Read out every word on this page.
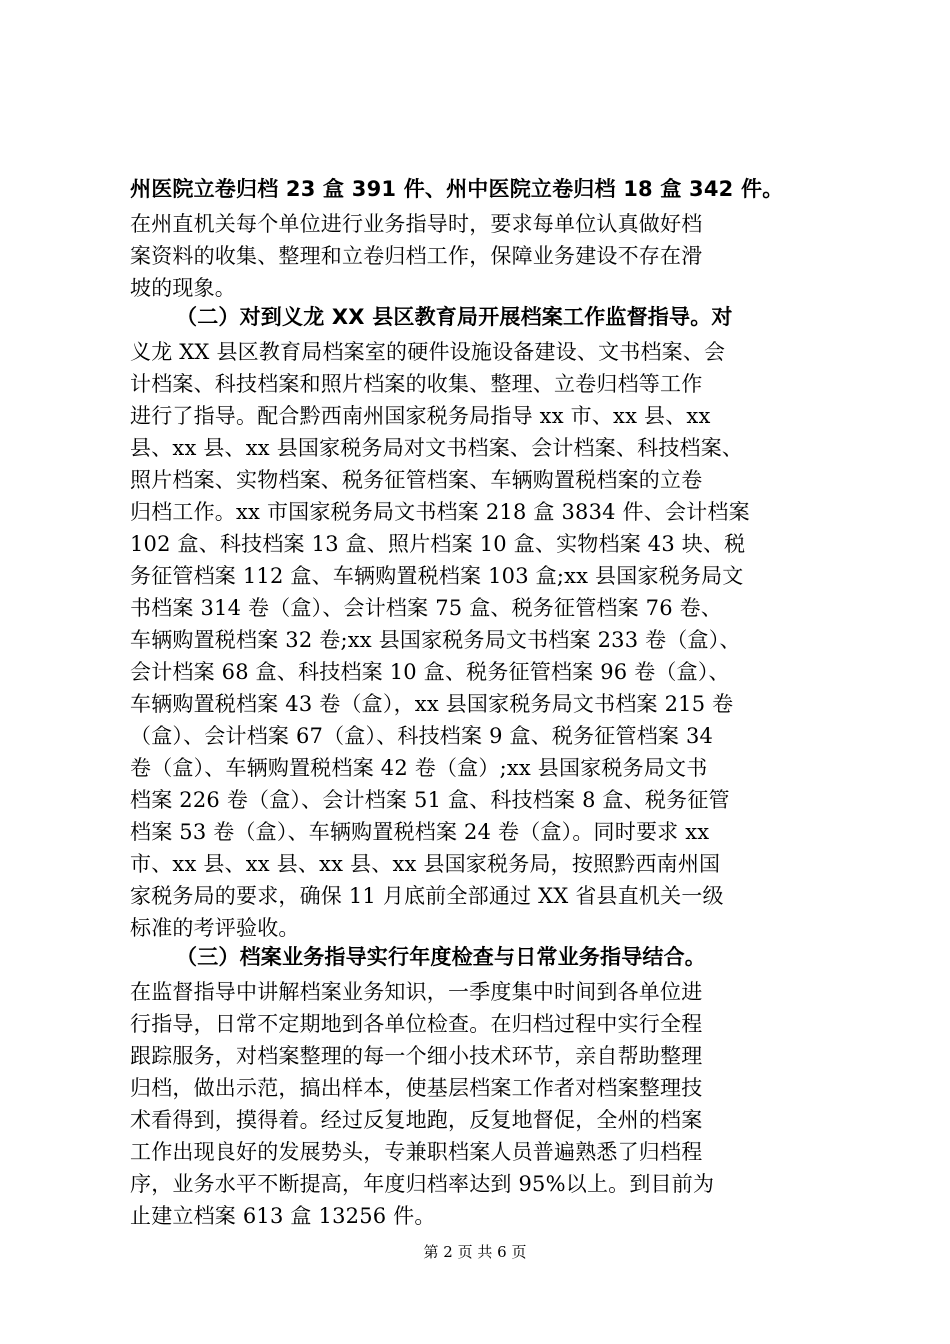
州医院立卷归档 23 盒 391 件、州中医院立卷归档 18 盒 342 件。
在州直机关每个单位进行业务指导时，要求每单位认真做好档
案资料的收集、整理和立卷归档工作，保障业务建设不存在滑
坡的现象。
（二）对到义龙 XX 县区教育局开展档案工作监督指导。对
义龙 XX 县区教育局档案室的硬件设施设备建设、文书档案、会
计档案、科技档案和照片档案的收集、整理、立卷归档等工作
进行了指导。配合黔西南州国家税务局指导 xx 市、xx 县、xx
县、xx 县、xx 县国家税务局对文书档案、会计档案、科技档案、
照片档案、实物档案、税务征管档案、车辆购置税档案的立卷
归档工作。xx 市国家税务局文书档案 218 盒 3834 件、会计档案
102 盒、科技档案 13 盒、照片档案 10 盒、实物档案 43 块、税
务征管档案 112 盒、车辆购置税档案 103 盒;xx 县国家税务局文
书档案 314 卷（盒）、会计档案 75 盒、税务征管档案 76 卷、
车辆购置税档案 32 卷;xx 县国家税务局文书档案 233 卷（盒）、
会计档案 68 盒、科技档案 10 盒、税务征管档案 96 卷（盒）、
车辆购置税档案 43 卷（盒），xx 县国家税务局文书档案 215 卷
（盒）、会计档案 67（盒）、科技档案 9 盒、税务征管档案 34
卷（盒）、车辆购置税档案 42 卷（盒）;xx 县国家税务局文书
档案 226 卷（盒）、会计档案 51 盒、科技档案 8 盒、税务征管
档案 53 卷（盒）、车辆购置税档案 24 卷（盒）。同时要求 xx
市、xx 县、xx 县、xx 县、xx 县国家税务局，按照黔西南州国
家税务局的要求，确保 11 月底前全部通过 XX 省县直机关一级
标准的考评验收。
（三）档案业务指导实行年度检查与日常业务指导结合。
在监督指导中讲解档案业务知识，一季度集中时间到各单位进
行指导，日常不定期地到各单位检查。在归档过程中实行全程
跟踪服务，对档案整理的每一个细小技术环节，亲自帮助整理
归档，做出示范，搞出样本，使基层档案工作者对档案整理技
术看得到，摸得着。经过反复地跑，反复地督促，全州的档案
工作出现良好的发展势头，专兼职档案人员普遍熟悉了归档程
序，业务水平不断提高，年度归档率达到 95%以上。到目前为
止建立档案 613 盒 13256 件。
第 2 页 共 6 页
